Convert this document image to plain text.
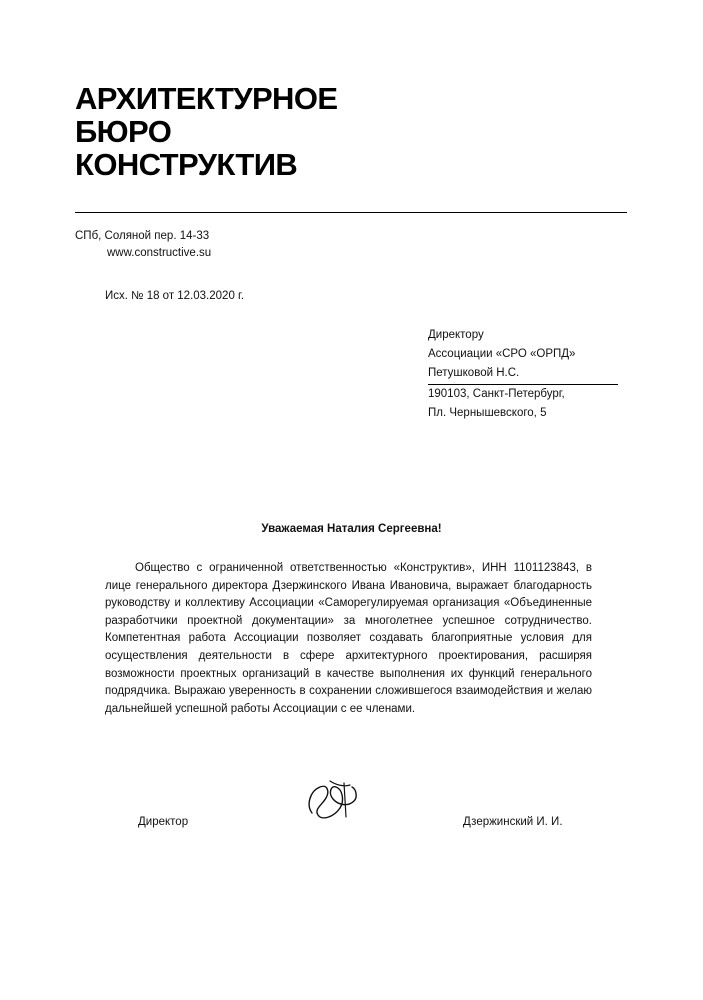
АРХИТЕКТУРНОЕ
БЮРО
КОНСТРУКТИВ
СПб, Соляной пер. 14-33
www.constructive.su
Исх. № 18 от 12.03.2020 г.
Директору
Ассоциации «СРО «ОРПД»
Петушковой Н.С.
190103, Санкт-Петербург,
Пл. Чернышевского, 5
Уважаемая Наталия Сергеевна!
Общество с ограниченной ответственностью «Конструктив», ИНН 1101123843, в лице генерального директора Дзержинского Ивана Ивановича, выражает благодарность руководству и коллективу Ассоциации «Саморегулируемая организация «Объединенные разработчики проектной документации» за многолетнее успешное сотрудничество. Компетентная работа Ассоциации позволяет создавать благоприятные условия для осуществления деятельности в сфере архитектурного проектирования, расширяя возможности проектных организаций в качестве выполнения их функций генерального подрядчика. Выражаю уверенность в сохранении сложившегося взаимодействия и желаю дальнейшей успешной работы Ассоциации с ее членами.
Директор	Дзержинский И. И.
